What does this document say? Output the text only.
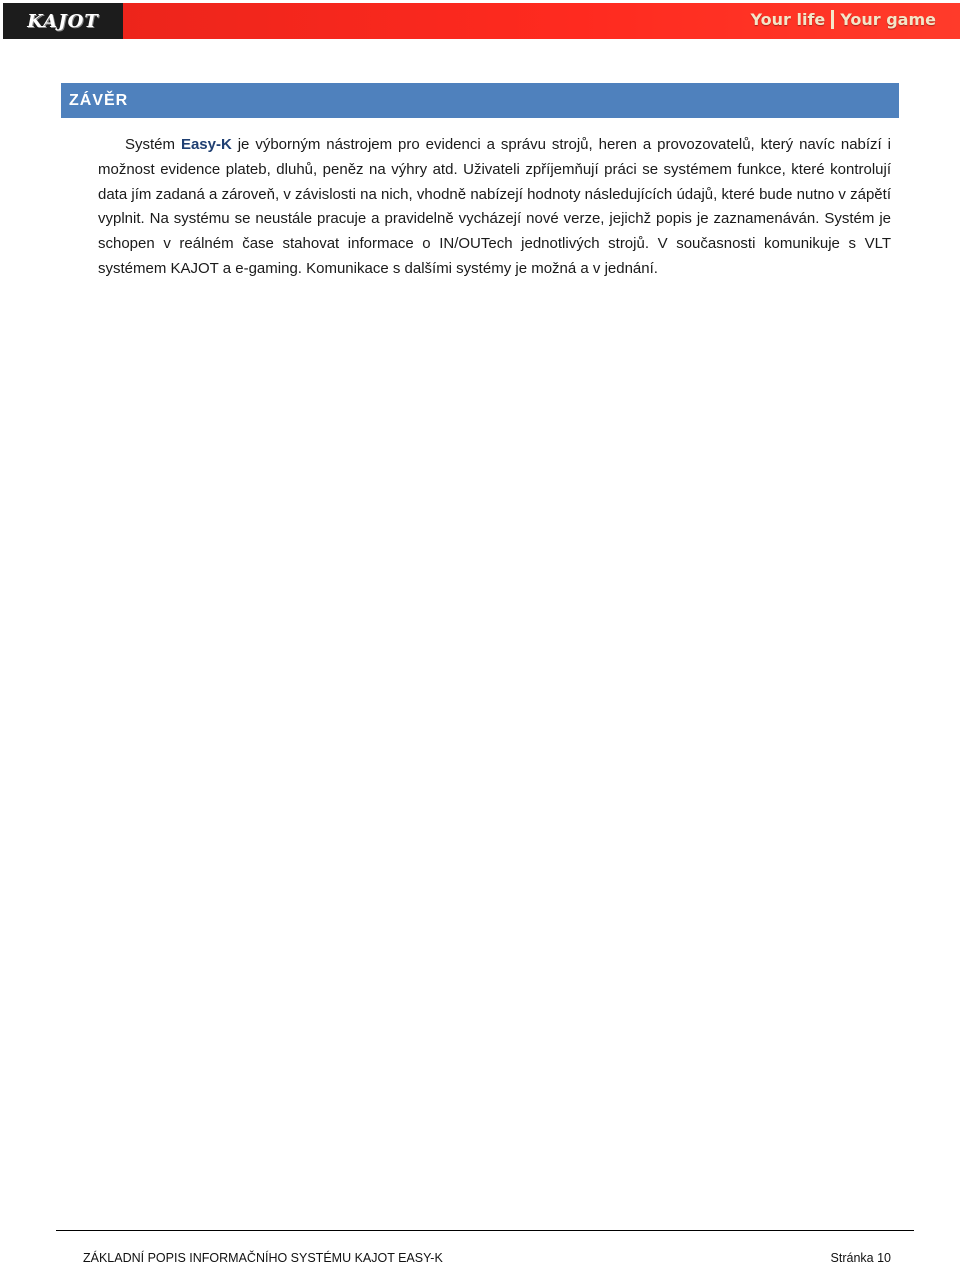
KAJOT	Your life Your game
ZÁVĚR

Systém Easy-K je výborným nástrojem pro evidenci a správu strojů, heren a provozovatelů, který navíc nabízí i možnost evidence plateb, dluhů, peněz na výhry atd. Uživateli zpříjemňují práci se systémem funkce, které kontrolují data jím zadaná a zároveň, v závislosti na nich, vhodně nabízejí hodnoty následujících údajů, které bude nutno v zápětí vyplnit. Na systému se neustále pracuje a pravidelně vycházejí nové verze, jejichž popis je zaznamenáván. Systém je schopen v reálném čase stahovat informace o IN/OUTech jednotlivých strojů. V současnosti komunikuje s VLT systémem KAJOT a e-gaming. Komunikace s dalšími systémy je možná a v jednání.

ZÁKLADNÍ POPIS INFORMAČNÍHO SYSTÉMU KAJOT EASY-K	Stránka 10
